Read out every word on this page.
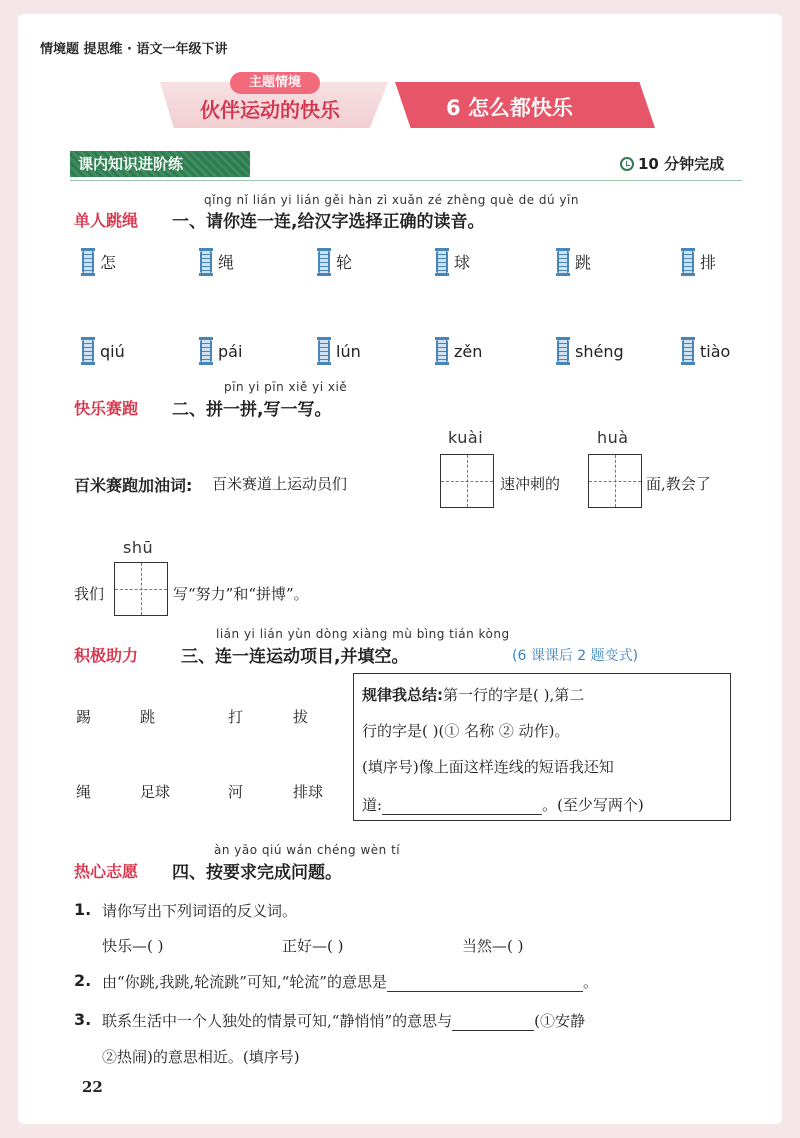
情境题 提思维 · 语文一年级下讲
主题情境
伙伴运动的快乐	6 怎么都快乐
课内知识进阶练	10 分钟完成
qǐng nǐ lián yi lián gěi hàn zì xuǎn zé zhèng què de dú yīn
单人跳绳 一、请你连一连,给汉字选择正确的读音。
怎	绳	轮	球	跳	排
qiú	pái	lún	zěn	shéng	tiào
pīn yi pīn xiě yi xiě
快乐赛跑 二、拼一拼,写一写。
kuài	huà
百米赛跑加油词: 百米赛道上运动员们	速冲刺的	面,教会了
shū
我们	写“努力”和“拼博”。
lián yi lián yùn dòng xiàng mù bìng tián kòng
积极助力	三、连一连运动项目,并填空。	(6 课课后 2 题变式)
踢	跳	打	拔
绳	足球	河	排球
规律我总结:第一行的字是( ),第二
行的字是( )(① 名称 ② 动作)。
(填序号)像上面这样连线的短语我还知
道:	。(至少写两个)
àn yāo qiú wán chéng wèn tí
热心志愿 四、按要求完成问题。
1. 请你写出下列词语的反义词。
快乐—( )	正好—( )	当然—( )
2. 由“你跳,我跳,轮流跳”可知,“轮流”的意思是	。
3. 联系生活中一个人独处的情景可知,“静悄悄”的意思与	(①安静
②热闹)的意思相近。(填序号)
22
